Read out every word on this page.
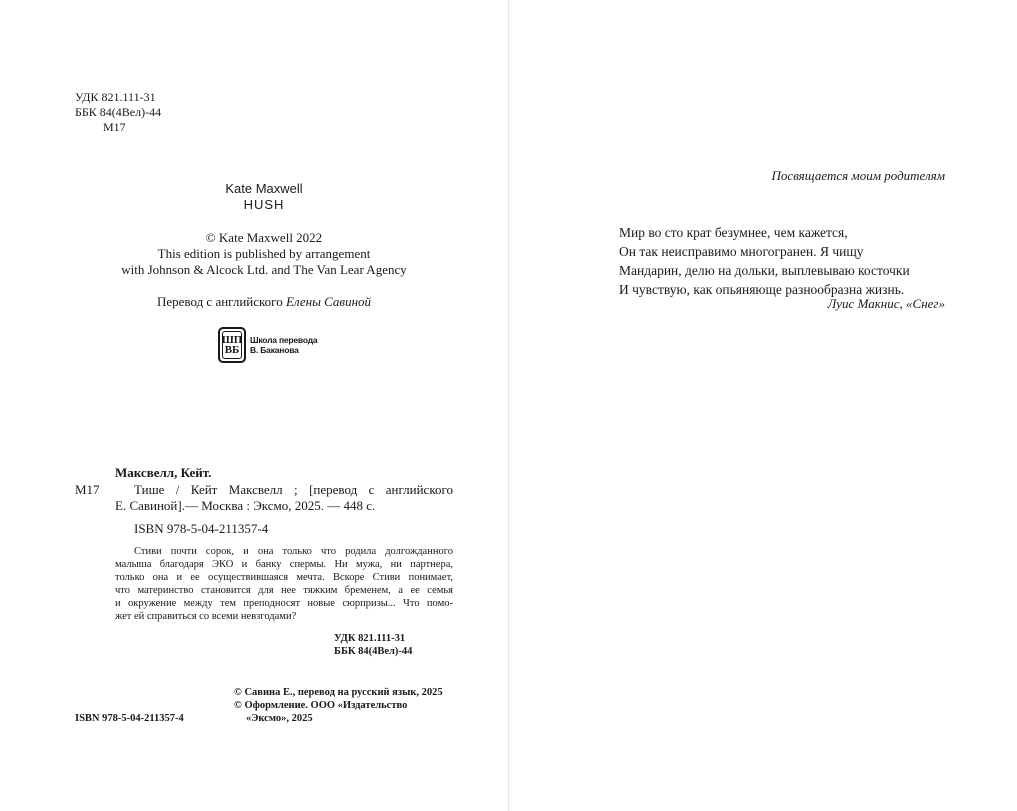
УДК 821.111-31
ББК 84(4Вел)-44
М17
Kate Maxwell
HUSH
© Kate Maxwell 2022
This edition is published by arrangement
with Johnson & Alcock Ltd. and The Van Lear Agency
Перевод с английского Елены Савиной
ШП
ВБ
Школа перевода
В. Баканова
Максвелл, Кейт.
М17	Тише / Кейт Максвелл ; [перевод с английского
Е. Савиной].— Москва : Эксмо, 2025. — 448 с.
ISBN 978-5-04-211357-4
Стиви почти сорок, и она только что родила долгожданного
малыша благодаря ЭКО и банку спермы. Ни мужа, ни партнера,
только она и ее осуществившаяся мечта. Вскоре Стиви понимает,
что материнство становится для нее тяжким бременем, а ее семья
и окружение между тем преподносят новые сюрпризы... Что помо-
жет ей справиться со всеми невзгодами?
УДК 821.111-31
ББК 84(4Вел)-44
© Савина Е., перевод на русский язык, 2025
© Оформление. ООО «Издательство
«Эксмо», 2025
ISBN 978-5-04-211357-4
Посвящается моим родителям
Мир во сто крат безумнее, чем кажется,
Он так неисправимо многогранен. Я чищу
Мандарин, делю на дольки, выплевываю косточки
И чувствую, как опьяняюще разнообразна жизнь.
Луис Макнис, «Снег»
